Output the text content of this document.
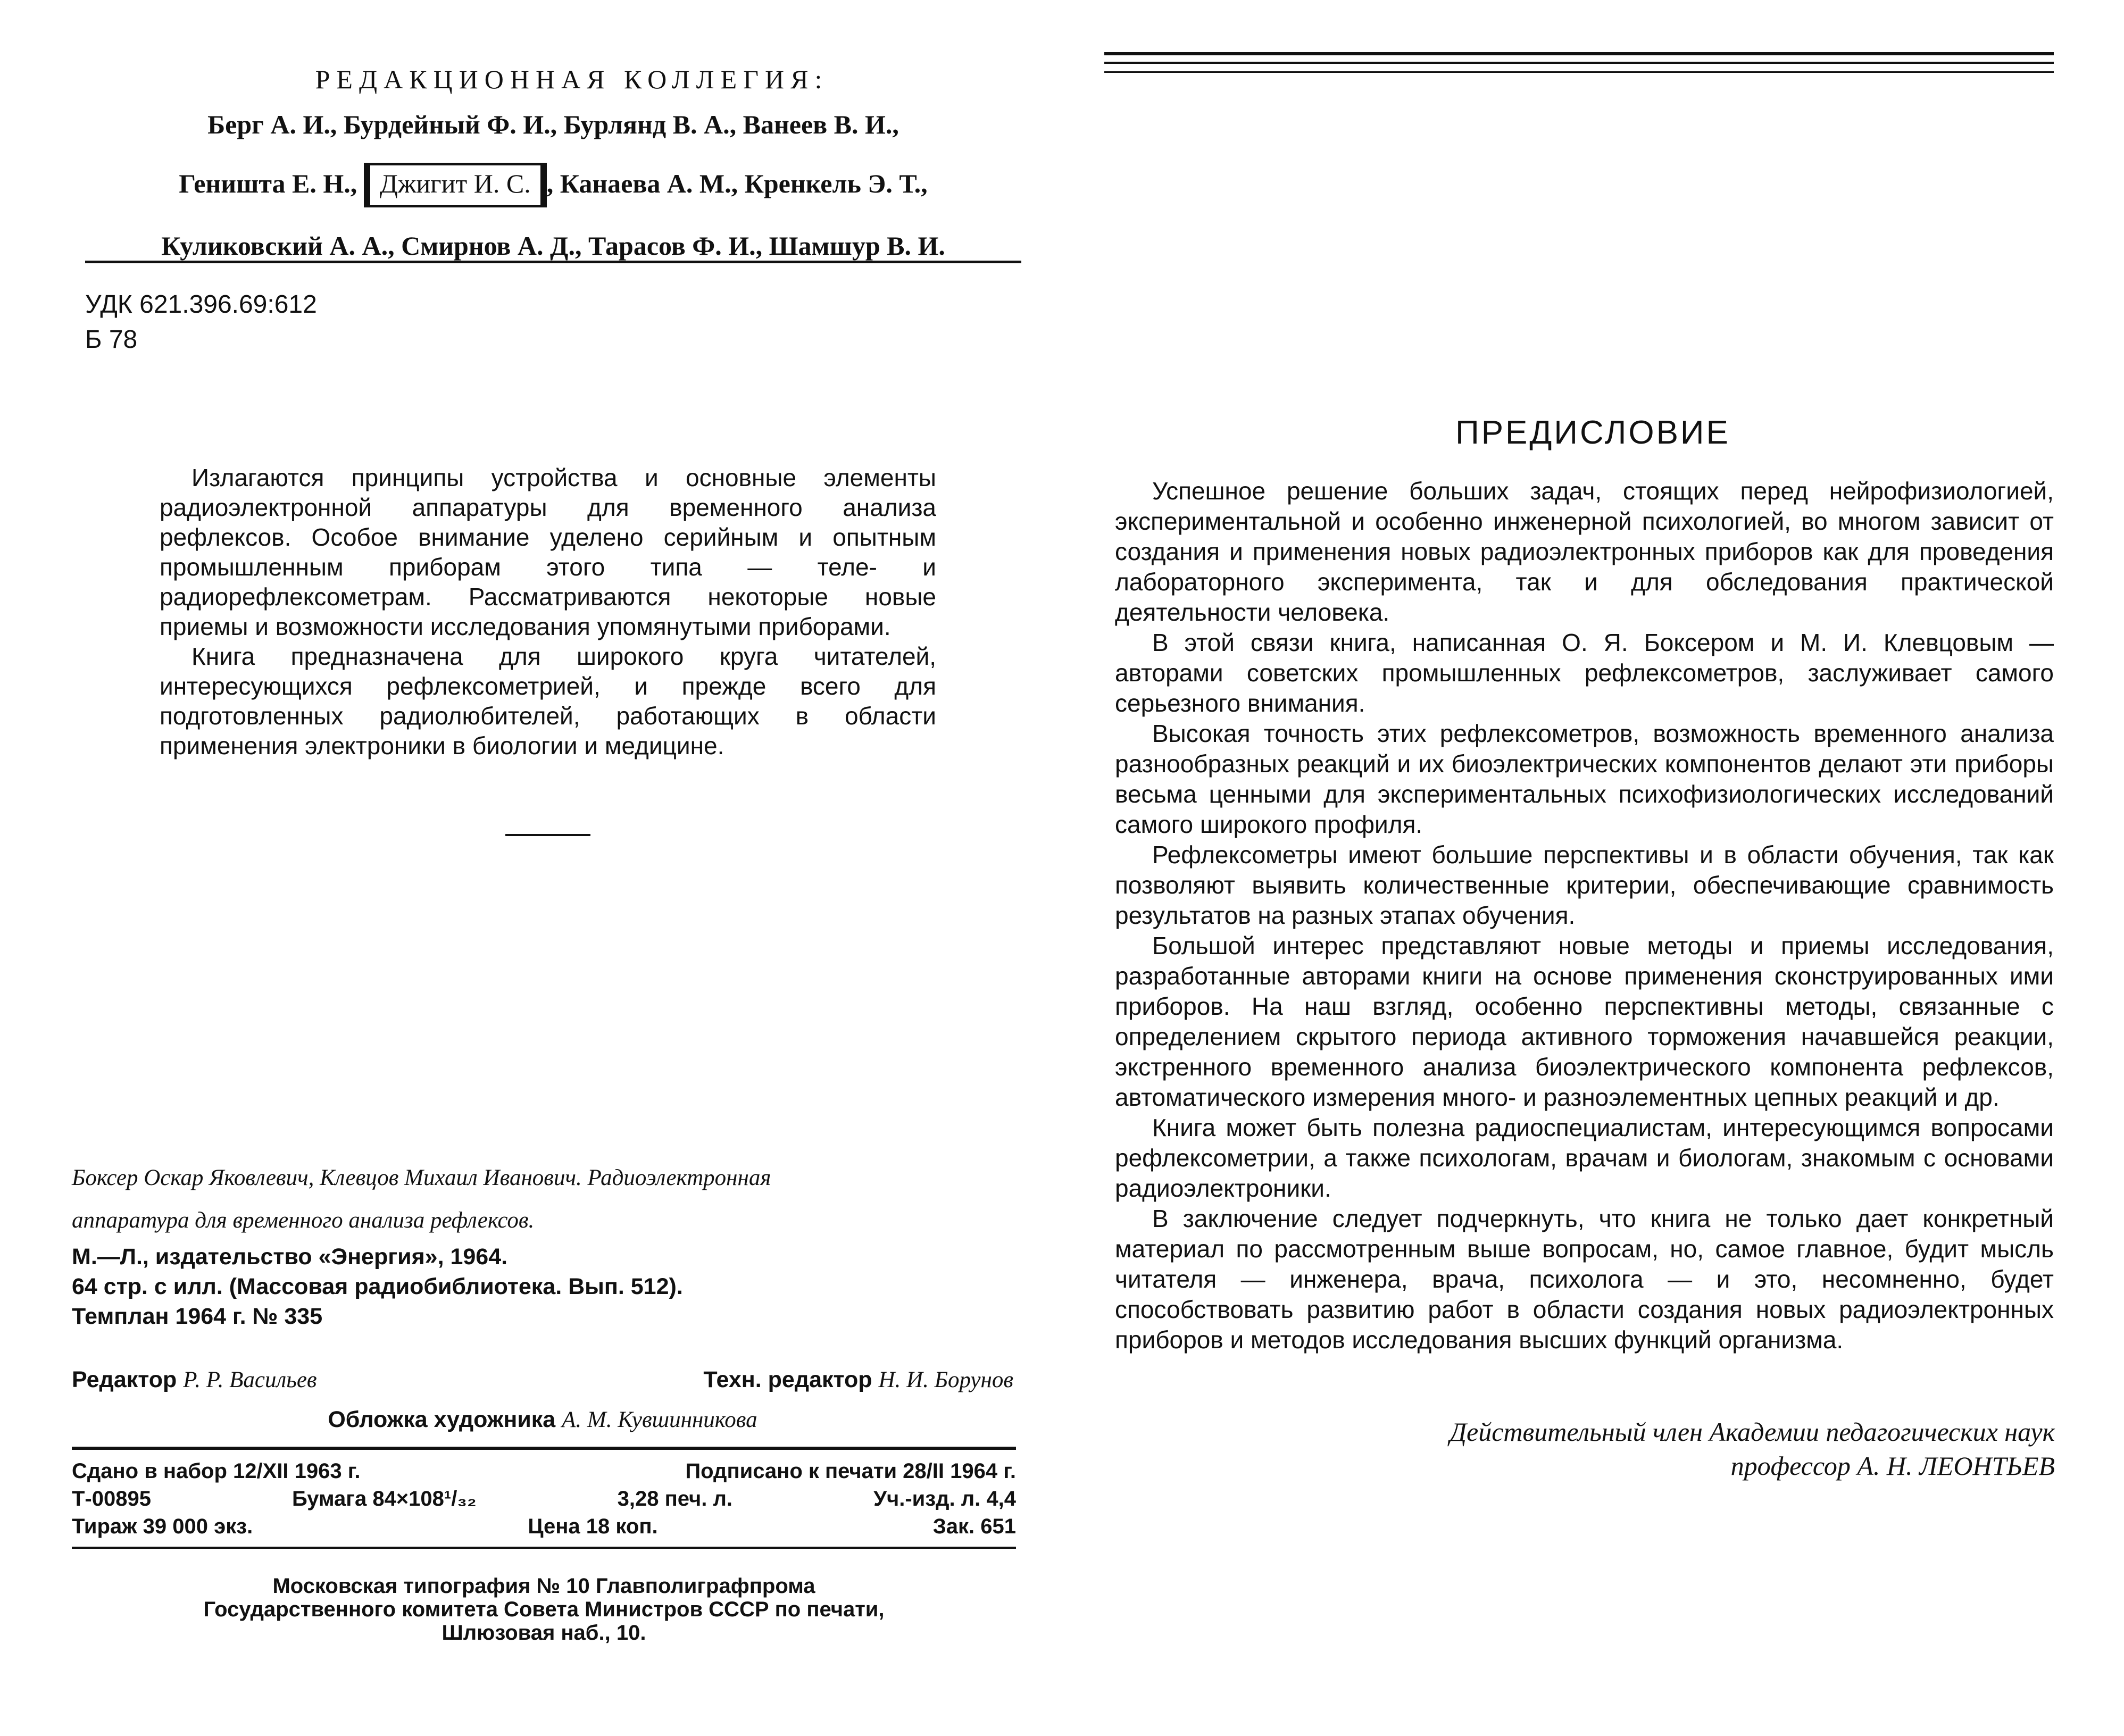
РЕДАКЦИОННАЯ КОЛЛЕГИЯ:
Берг А. И., Бурдейный Ф. И., Бурлянд В. А., Ванеев В. И.,
Геништа Е. Н., Джигит И. С. , Канаева А. М., Кренкель Э. Т.,
Куликовский А. А., Смирнов А. Д., Тарасов Ф. И., Шамшур В. И.
УДК 621.396.69:612
Б 78

Излагаются принципы устройства и основные элементы радиоэлектронной аппаратуры для временного анализа рефлексов. Особое внимание уделено серийным и опытным промышленным приборам этого типа — теле- и радиорефлексометрам. Рассматриваются некоторые новые приемы и возможности исследования упомянутыми приборами.

Книга предназначена для широкого круга читателей, интересующихся рефлексометрией, и прежде всего для подготовленных радиолюбителей, работающих в области применения электроники в биологии и медицине.

Боксер Оскар Яковлевич, Клевцов Михаил Иванович. Радиоэлектронная
аппаратура для временного анализа рефлексов.
М.—Л., издательство «Энергия», 1964.
64 стр. с илл. (Массовая радиобиблиотека. Вып. 512).
Темплан 1964 г. № 335
Редактор Р. Р. Васильев	Техн. редактор Н. И. Борунов
Обложка художника А. М. Кувшинникова
Сдано в набор 12/XII 1963 г.	Подписано к печати 28/II 1964 г.
Т-00895	Бумага 84×108¹/₃₂	3,28 печ. л.	Уч.-изд. л. 4,4
Тираж 39 000 экз.	Цена 18 коп.	Зак. 651
Московская типография № 10 Главполиграфпрома
Государственного комитета Совета Министров СССР по печати,
Шлюзовая наб., 10.
ПРЕДИСЛОВИЕ

Успешное решение больших задач, стоящих перед нейрофизиологией, экспериментальной и особенно инженерной психологией, во многом зависит от создания и применения новых радиоэлектронных приборов как для проведения лабораторного эксперимента, так и для обследования практической деятельности человека.

В этой связи книга, написанная О. Я. Боксером и М. И. Клевцовым — авторами советских промышленных рефлексометров, заслуживает самого серьезного внимания.

Высокая точность этих рефлексометров, возможность временного анализа разнообразных реакций и их биоэлектрических компонентов делают эти приборы весьма ценными для экспериментальных психофизиологических исследований самого широкого профиля.

Рефлексометры имеют большие перспективы и в области обучения, так как позволяют выявить количественные критерии, обеспечивающие сравнимость результатов на разных этапах обучения.

Большой интерес представляют новые методы и приемы исследования, разработанные авторами книги на основе применения сконструированных ими приборов. На наш взгляд, особенно перспективны методы, связанные с определением скрытого периода активного торможения начавшейся реакции, экстренного временного анализа биоэлектрического компонента рефлексов, автоматического измерения много- и разноэлементных цепных реакций и др.

Книга может быть полезна радиоспециалистам, интересующимся вопросами рефлексометрии, а также психологам, врачам и биологам, знакомым с основами радиоэлектроники.

В заключение следует подчеркнуть, что книга не только дает конкретный материал по рассмотренным выше вопросам, но, самое главное, будит мысль читателя — инженера, врача, психолога — и это, несомненно, будет способствовать развитию работ в области создания новых радиоэлектронных приборов и методов исследования высших функций организма.

Действительный член Академии педагогических наук
профессор А. Н. ЛЕОНТЬЕВ
